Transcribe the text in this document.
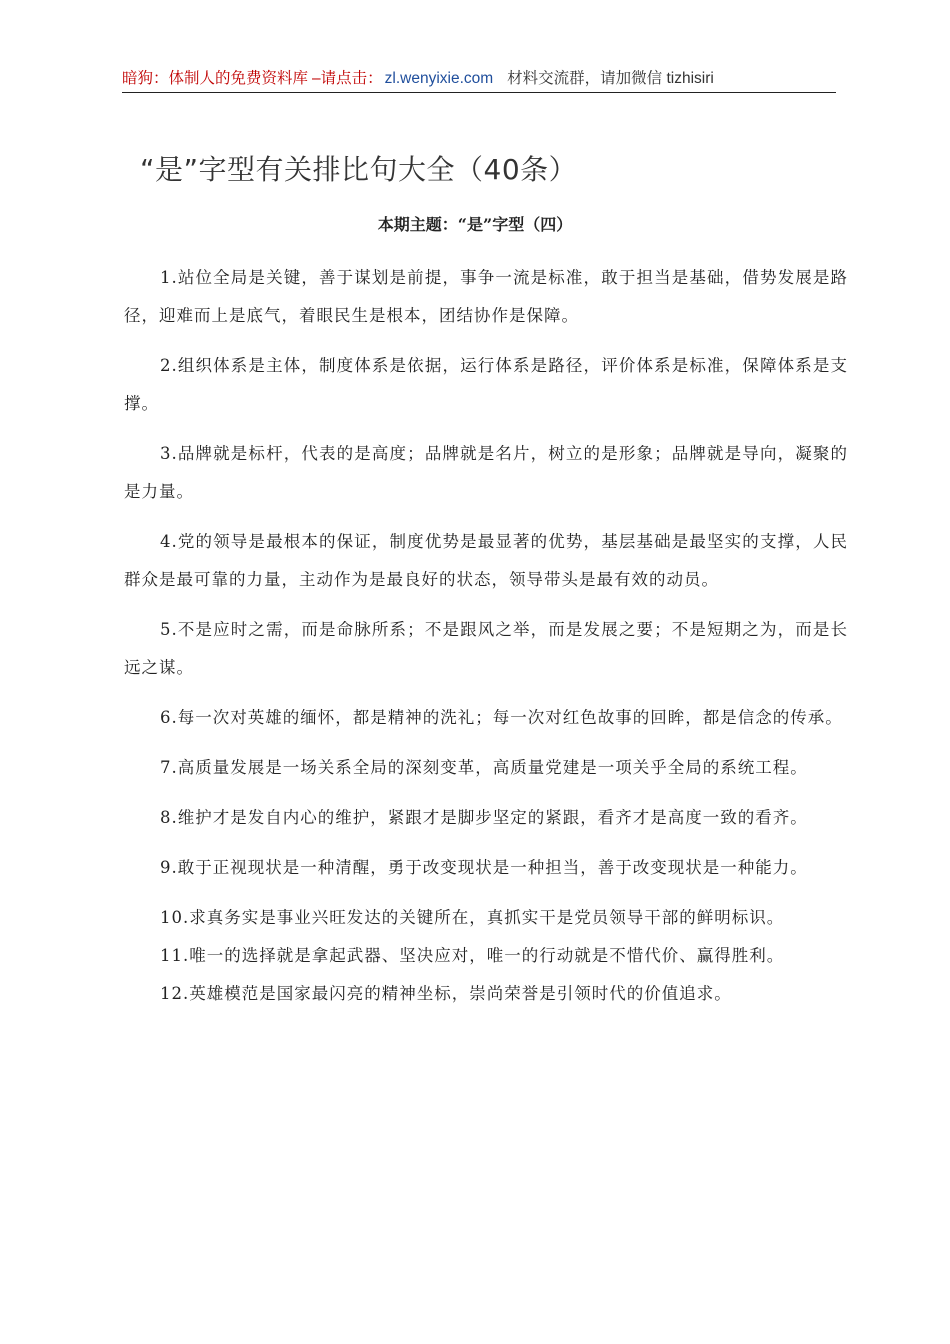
暗狗：体制人的免费资料库 –请点击： zl.wenyixie.com 材料交流群，请加微信 tizhisiri
“是”字型有关排比句大全（40条）
本期主题：“是”字型（四）

1.站位全局是关键，善于谋划是前提，事争一流是标准，敢于担当是基础，借势发展是路径，迎难而上是底气，着眼民生是根本，团结协作是保障。

2.组织体系是主体，制度体系是依据，运行体系是路径，评价体系是标准，保障体系是支撑。

3.品牌就是标杆，代表的是高度；品牌就是名片，树立的是形象；品牌就是导向，凝聚的是力量。

4.党的领导是最根本的保证，制度优势是最显著的优势，基层基础是最坚实的支撑，人民群众是最可靠的力量，主动作为是最良好的状态，领导带头是最有效的动员。

5.不是应时之需，而是命脉所系；不是跟风之举，而是发展之要；不是短期之为，而是长远之谋。

6.每一次对英雄的缅怀，都是精神的洗礼；每一次对红色故事的回眸，都是信念的传承。

7.高质量发展是一场关系全局的深刻变革，高质量党建是一项关乎全局的系统工程。

8.维护才是发自内心的维护，紧跟才是脚步坚定的紧跟，看齐才是高度一致的看齐。

9.敢于正视现状是一种清醒，勇于改变现状是一种担当，善于改变现状是一种能力。

10.求真务实是事业兴旺发达的关键所在，真抓实干是党员领导干部的鲜明标识。

11.唯一的选择就是拿起武器、坚决应对，唯一的行动就是不惜代价、赢得胜利。

12.英雄模范是国家最闪亮的精神坐标，崇尚荣誉是引领时代的价值追求。
